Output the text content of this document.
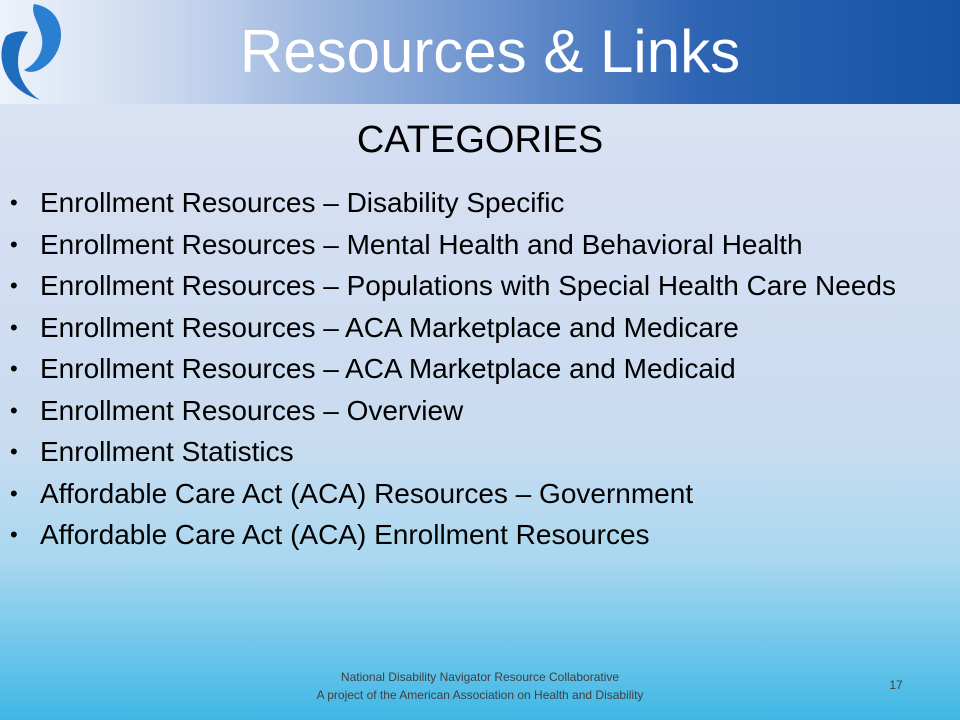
Resources & Links
CATEGORIES
• Enrollment Resources – Disability Specific
• Enrollment Resources – Mental Health and Behavioral Health
• Enrollment Resources – Populations with Special Health Care Needs
• Enrollment Resources – ACA Marketplace and Medicare
• Enrollment Resources – ACA Marketplace and Medicaid
• Enrollment Resources – Overview
• Enrollment Statistics
• Affordable Care Act (ACA) Resources – Government
• Affordable Care Act (ACA) Enrollment Resources
National Disability Navigator Resource Collaborative
A project of the American Association on Health and Disability
17
